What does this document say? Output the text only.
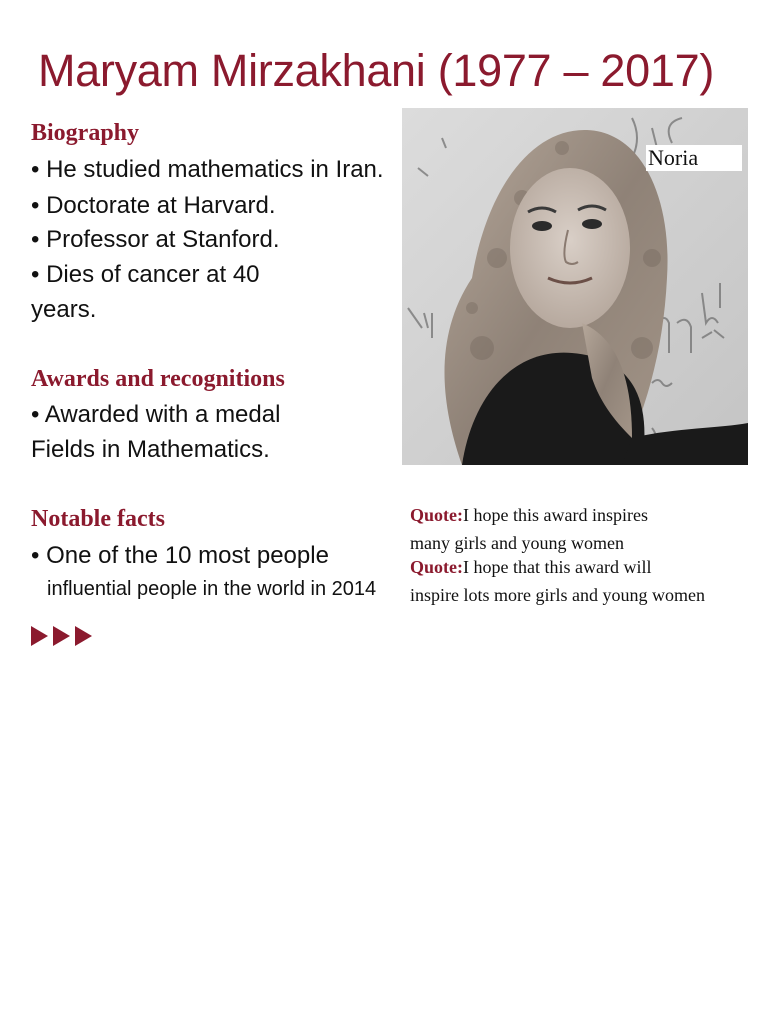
Maryam Mirzakhani (1977 – 2017)
Biography
• He studied mathematics in Iran.
• Doctorate at Harvard.
• Professor at Stanford.
• Dies of cancer at 40
years.
Awards and recognitions
• Awarded with a medal
Fields in Mathematics.
Notable facts
• One of the 10 most people
influential people in the world in 2014
Noria
Quote:I hope this award inspires
many girls and young women
Quote:I hope that this award will
inspire lots more girls and young women
